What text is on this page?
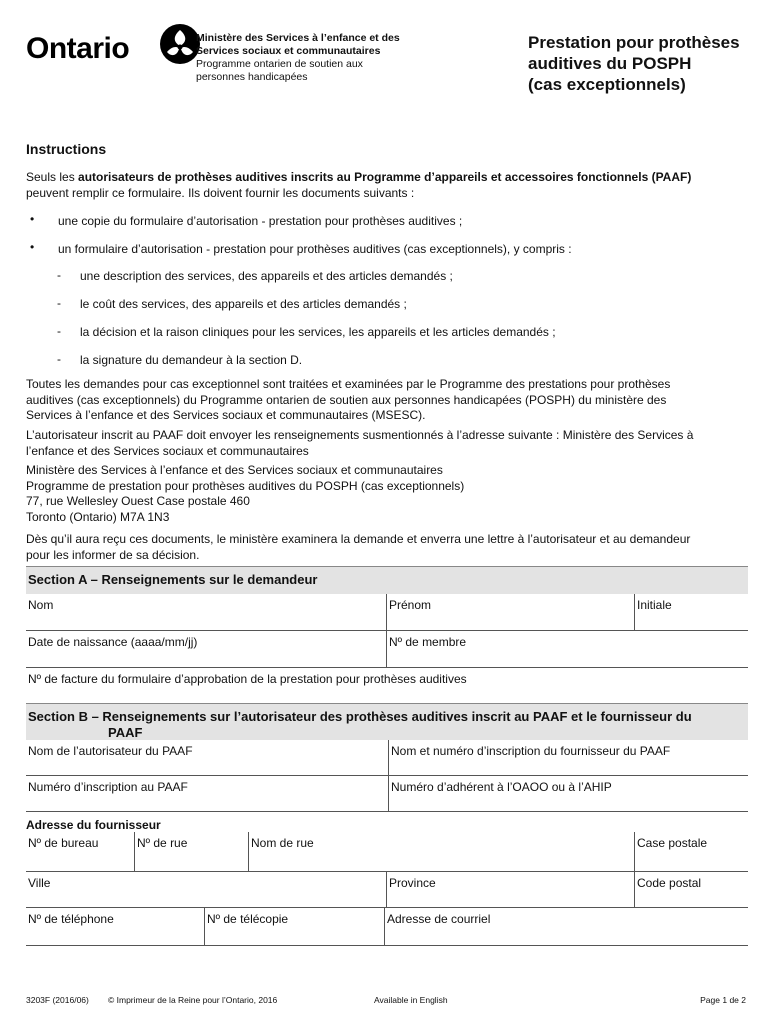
Ontario	Ministère des Services à l’enfance et des
Services sociaux et communautaires
Programme ontarien de soutien aux
personnes handicapées
Prestation pour prothèses
auditives du POSPH
(cas exceptionnels)
Instructions
Seuls les autorisateurs de prothèses auditives inscrits au Programme d’appareils et accessoires fonctionnels (PAAF)
peuvent remplir ce formulaire. Ils doivent fournir les documents suivants :
• une copie du formulaire d’autorisation - prestation pour prothèses auditives ;
• un formulaire d’autorisation - prestation pour prothèses auditives (cas exceptionnels), y compris :
- une description des services, des appareils et des articles demandés ;
- le coût des services, des appareils et des articles demandés ;
- la décision et la raison cliniques pour les services, les appareils et les articles demandés ;
- la signature du demandeur à la section D.
Toutes les demandes pour cas exceptionnel sont traitées et examinées par le Programme des prestations pour prothèses
auditives (cas exceptionnels) du Programme ontarien de soutien aux personnes handicapées (POSPH) du ministère des
Services à l’enfance et des Services sociaux et communautaires (MSESC).
L’autorisateur inscrit au PAAF doit envoyer les renseignements susmentionnés à l’adresse suivante : Ministère des Services à
l’enfance et des Services sociaux et communautaires
Ministère des Services à l’enfance et des Services sociaux et communautaires
Programme de prestation pour prothèses auditives du POSPH (cas exceptionnels)
77, rue Wellesley Ouest Case postale 460
Toronto (Ontario) M7A 1N3
Dès qu’il aura reçu ces documents, le ministère examinera la demande et enverra une lettre à l’autorisateur et au demandeur
pour les informer de sa décision.
Section A – Renseignements sur le demandeur
Nom	Prénom	Initiale
Date de naissance (aaaa/mm/jj)	Nº de membre
Nº de facture du formulaire d’approbation de la prestation pour prothèses auditives
Section B – Renseignements sur l’autorisateur des prothèses auditives inscrit au PAAF et le fournisseur du
PAAF
Nom de l’autorisateur du PAAF	Nom et numéro d’inscription du fournisseur du PAAF
Numéro d’inscription au PAAF	Numéro d’adhérent à l’OAOO ou à l’AHIP
Adresse du fournisseur
Nº de bureau	Nº de rue	Nom de rue	Case postale
Ville	Province	Code postal
Nº de téléphone	Nº de télécopie	Adresse de courriel
3203F (2016/06) © Imprimeur de la Reine pour l’Ontario, 2016	Available in English	Page 1 de 2
